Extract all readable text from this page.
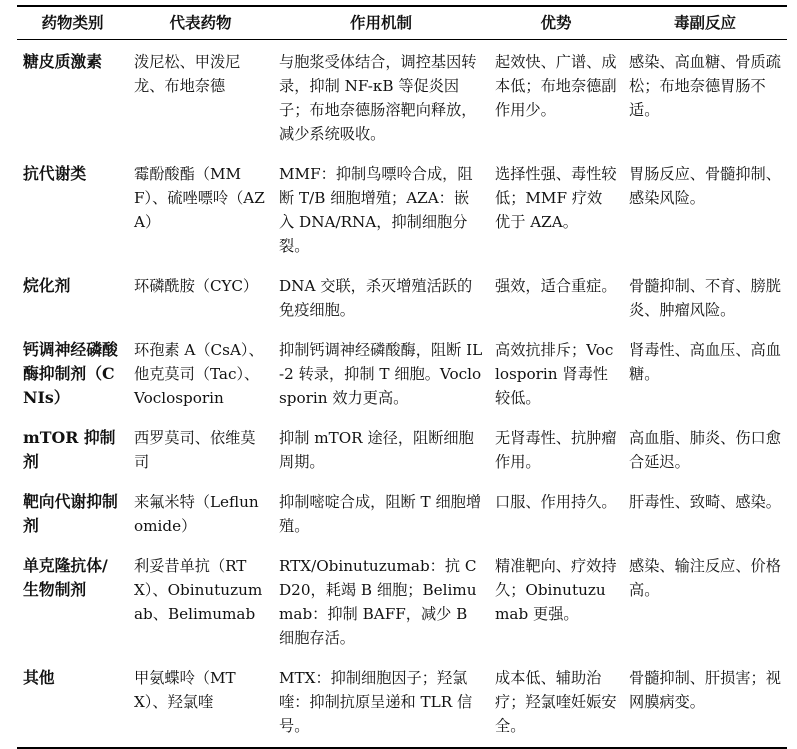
药物类别	代表药物	作用机制	优势	毒副反应
糖皮质激素	泼尼松、甲泼尼龙、布地奈德	与胞浆受体结合，调控基因转录，抑制 NF-κB 等促炎因子；布地奈德肠溶靶向释放，减少系统吸收。	起效快、广谱、成本低；布地奈德副作用少。	感染、高血糖、骨质疏松；布地奈德胃肠不适。
抗代谢类	霉酚酸酯（MMF）、硫唑嘌呤（AZA）	MMF：抑制鸟嘌呤合成，阻断 T/B 细胞增殖；AZA：嵌入 DNA/RNA，抑制细胞分裂。	选择性强、毒性较低；MMF 疗效优于 AZA。	胃肠反应、骨髓抑制、感染风险。
烷化剂	环磷酰胺（CYC）	DNA 交联，杀灭增殖活跃的免疫细胞。	强效，适合重症。	骨髓抑制、不育、膀胱炎、肿瘤风险。
钙调神经磷酸酶抑制剂（CNIs）	环孢素 A（CsA）、他克莫司（Tac）、Voclosporin	抑制钙调神经磷酸酶，阻断 IL-2 转录，抑制 T 细胞。Voclosporin 效力更高。	高效抗排斥；Voclosporin 肾毒性较低。	肾毒性、高血压、高血糖。
mTOR 抑制剂	西罗莫司、依维莫司	抑制 mTOR 途径，阻断细胞周期。	无肾毒性、抗肿瘤作用。	高血脂、肺炎、伤口愈合延迟。
靶向代谢抑制剂	来氟米特（Leflunomide）	抑制嘧啶合成，阻断 T 细胞增殖。	口服、作用持久。	肝毒性、致畸、感染。
单克隆抗体/生物制剂	利妥昔单抗（RTX）、Obinutuzumab、Belimumab	RTX/Obinutuzumab：抗 CD20，耗竭 B 细胞；Belimumab：抑制 BAFF，减少 B 细胞存活。	精准靶向、疗效持久；Obinutuzumab 更强。	感染、输注反应、价格高。
其他	甲氨蝶呤（MTX）、羟氯喹	MTX：抑制细胞因子；羟氯喹：抑制抗原呈递和 TLR 信号。	成本低、辅助治疗；羟氯喹妊娠安全。	骨髓抑制、肝损害；视网膜病变。
